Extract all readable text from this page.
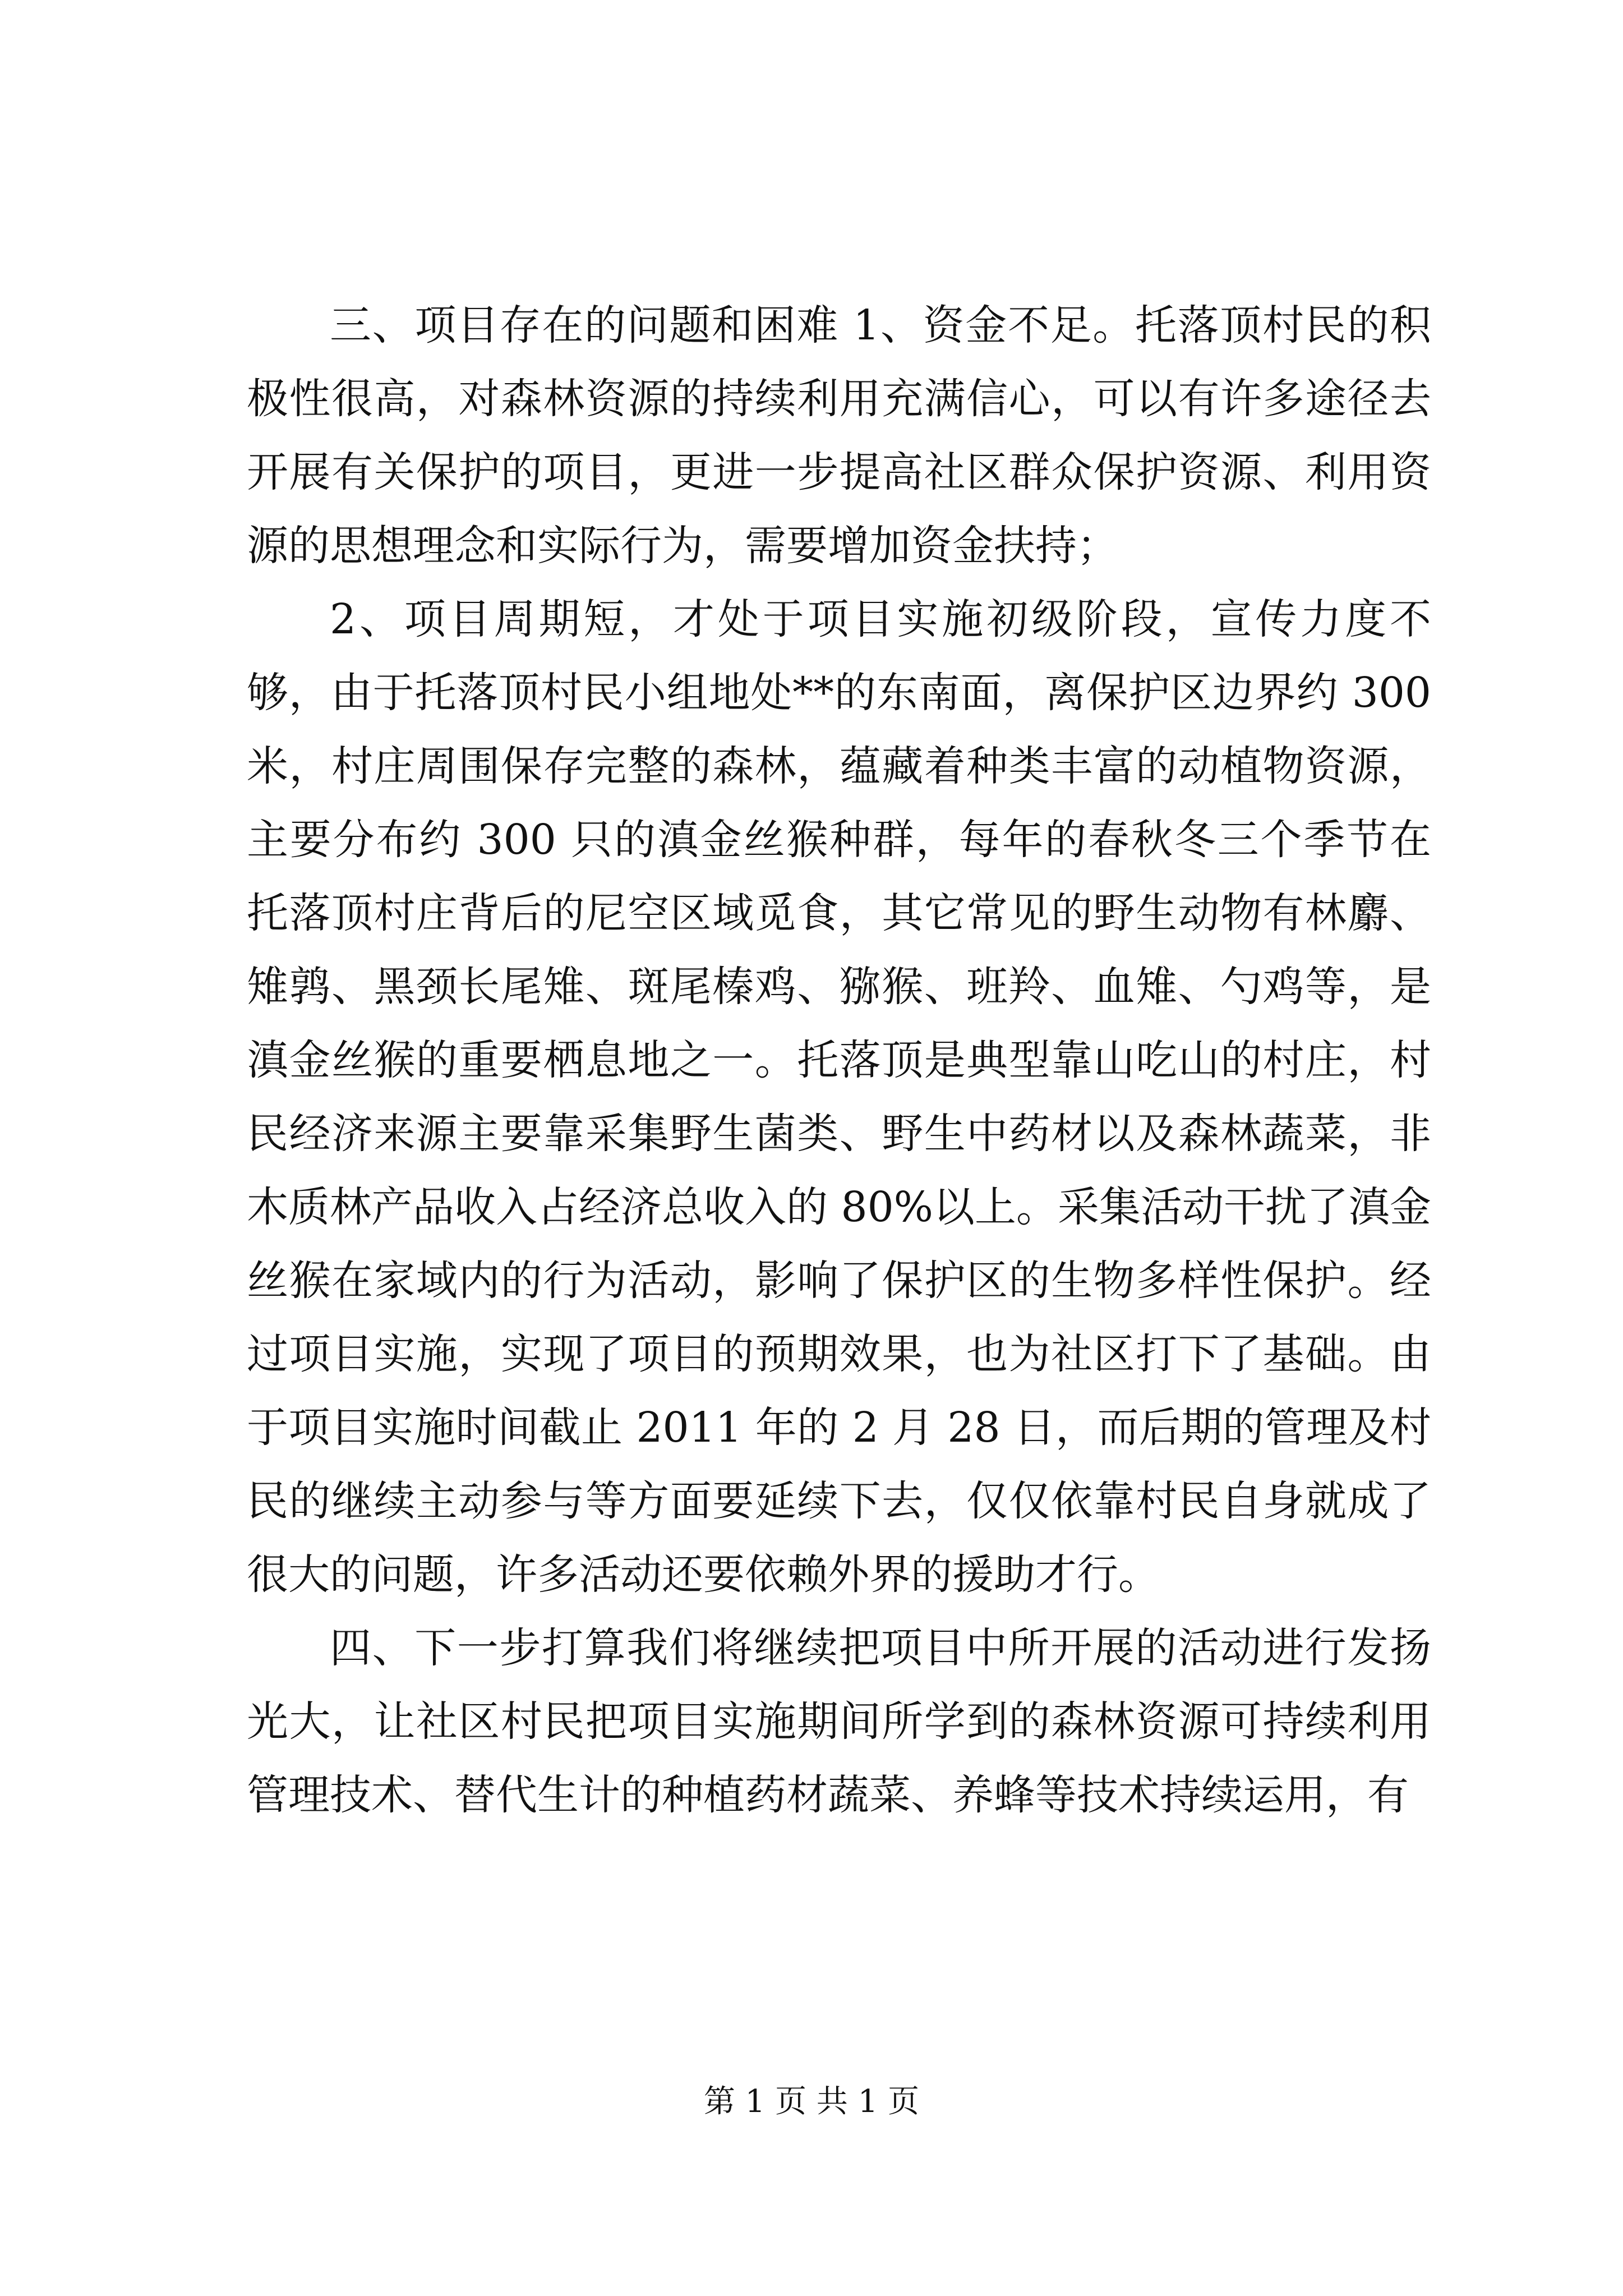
三、项目存在的问题和困难 1、资金不足。托落顶村民的积极性很高，对森林资源的持续利用充满信心，可以有许多途径去开展有关保护的项目，更进一步提高社区群众保护资源、利用资源的思想理念和实际行为，需要增加资金扶持；

2、项目周期短，才处于项目实施初级阶段，宣传力度不够，由于托落顶村民小组地处**的东南面，离保护区边界约 300 米，村庄周围保存完整的森林，蕴藏着种类丰富的动植物资源，主要分布约 300 只的滇金丝猴种群，每年的春秋冬三个季节在托落顶村庄背后的尼空区域觅食，其它常见的野生动物有林麝、雉鹑、黑颈长尾雉、斑尾榛鸡、猕猴、班羚、血雉、勺鸡等，是滇金丝猴的重要栖息地之一。托落顶是典型靠山吃山的村庄，村民经济来源主要靠采集野生菌类、野生中药材以及森林蔬菜，非木质林产品收入占经济总收入的 80%以上。采集活动干扰了滇金丝猴在家域内的行为活动，影响了保护区的生物多样性保护。经过项目实施，实现了项目的预期效果，也为社区打下了基础。由于项目实施时间截止 2011 年的 2 月 28 日，而后期的管理及村民的继续主动参与等方面要延续下去，仅仅依靠村民自身就成了很大的问题，许多活动还要依赖外界的援助才行。

四、下一步打算我们将继续把项目中所开展的活动进行发扬光大，让社区村民把项目实施期间所学到的森林资源可持续利用管理技术、替代生计的种植药材蔬菜、养蜂等技术持续运用，有

第 1 页 共 1 页
